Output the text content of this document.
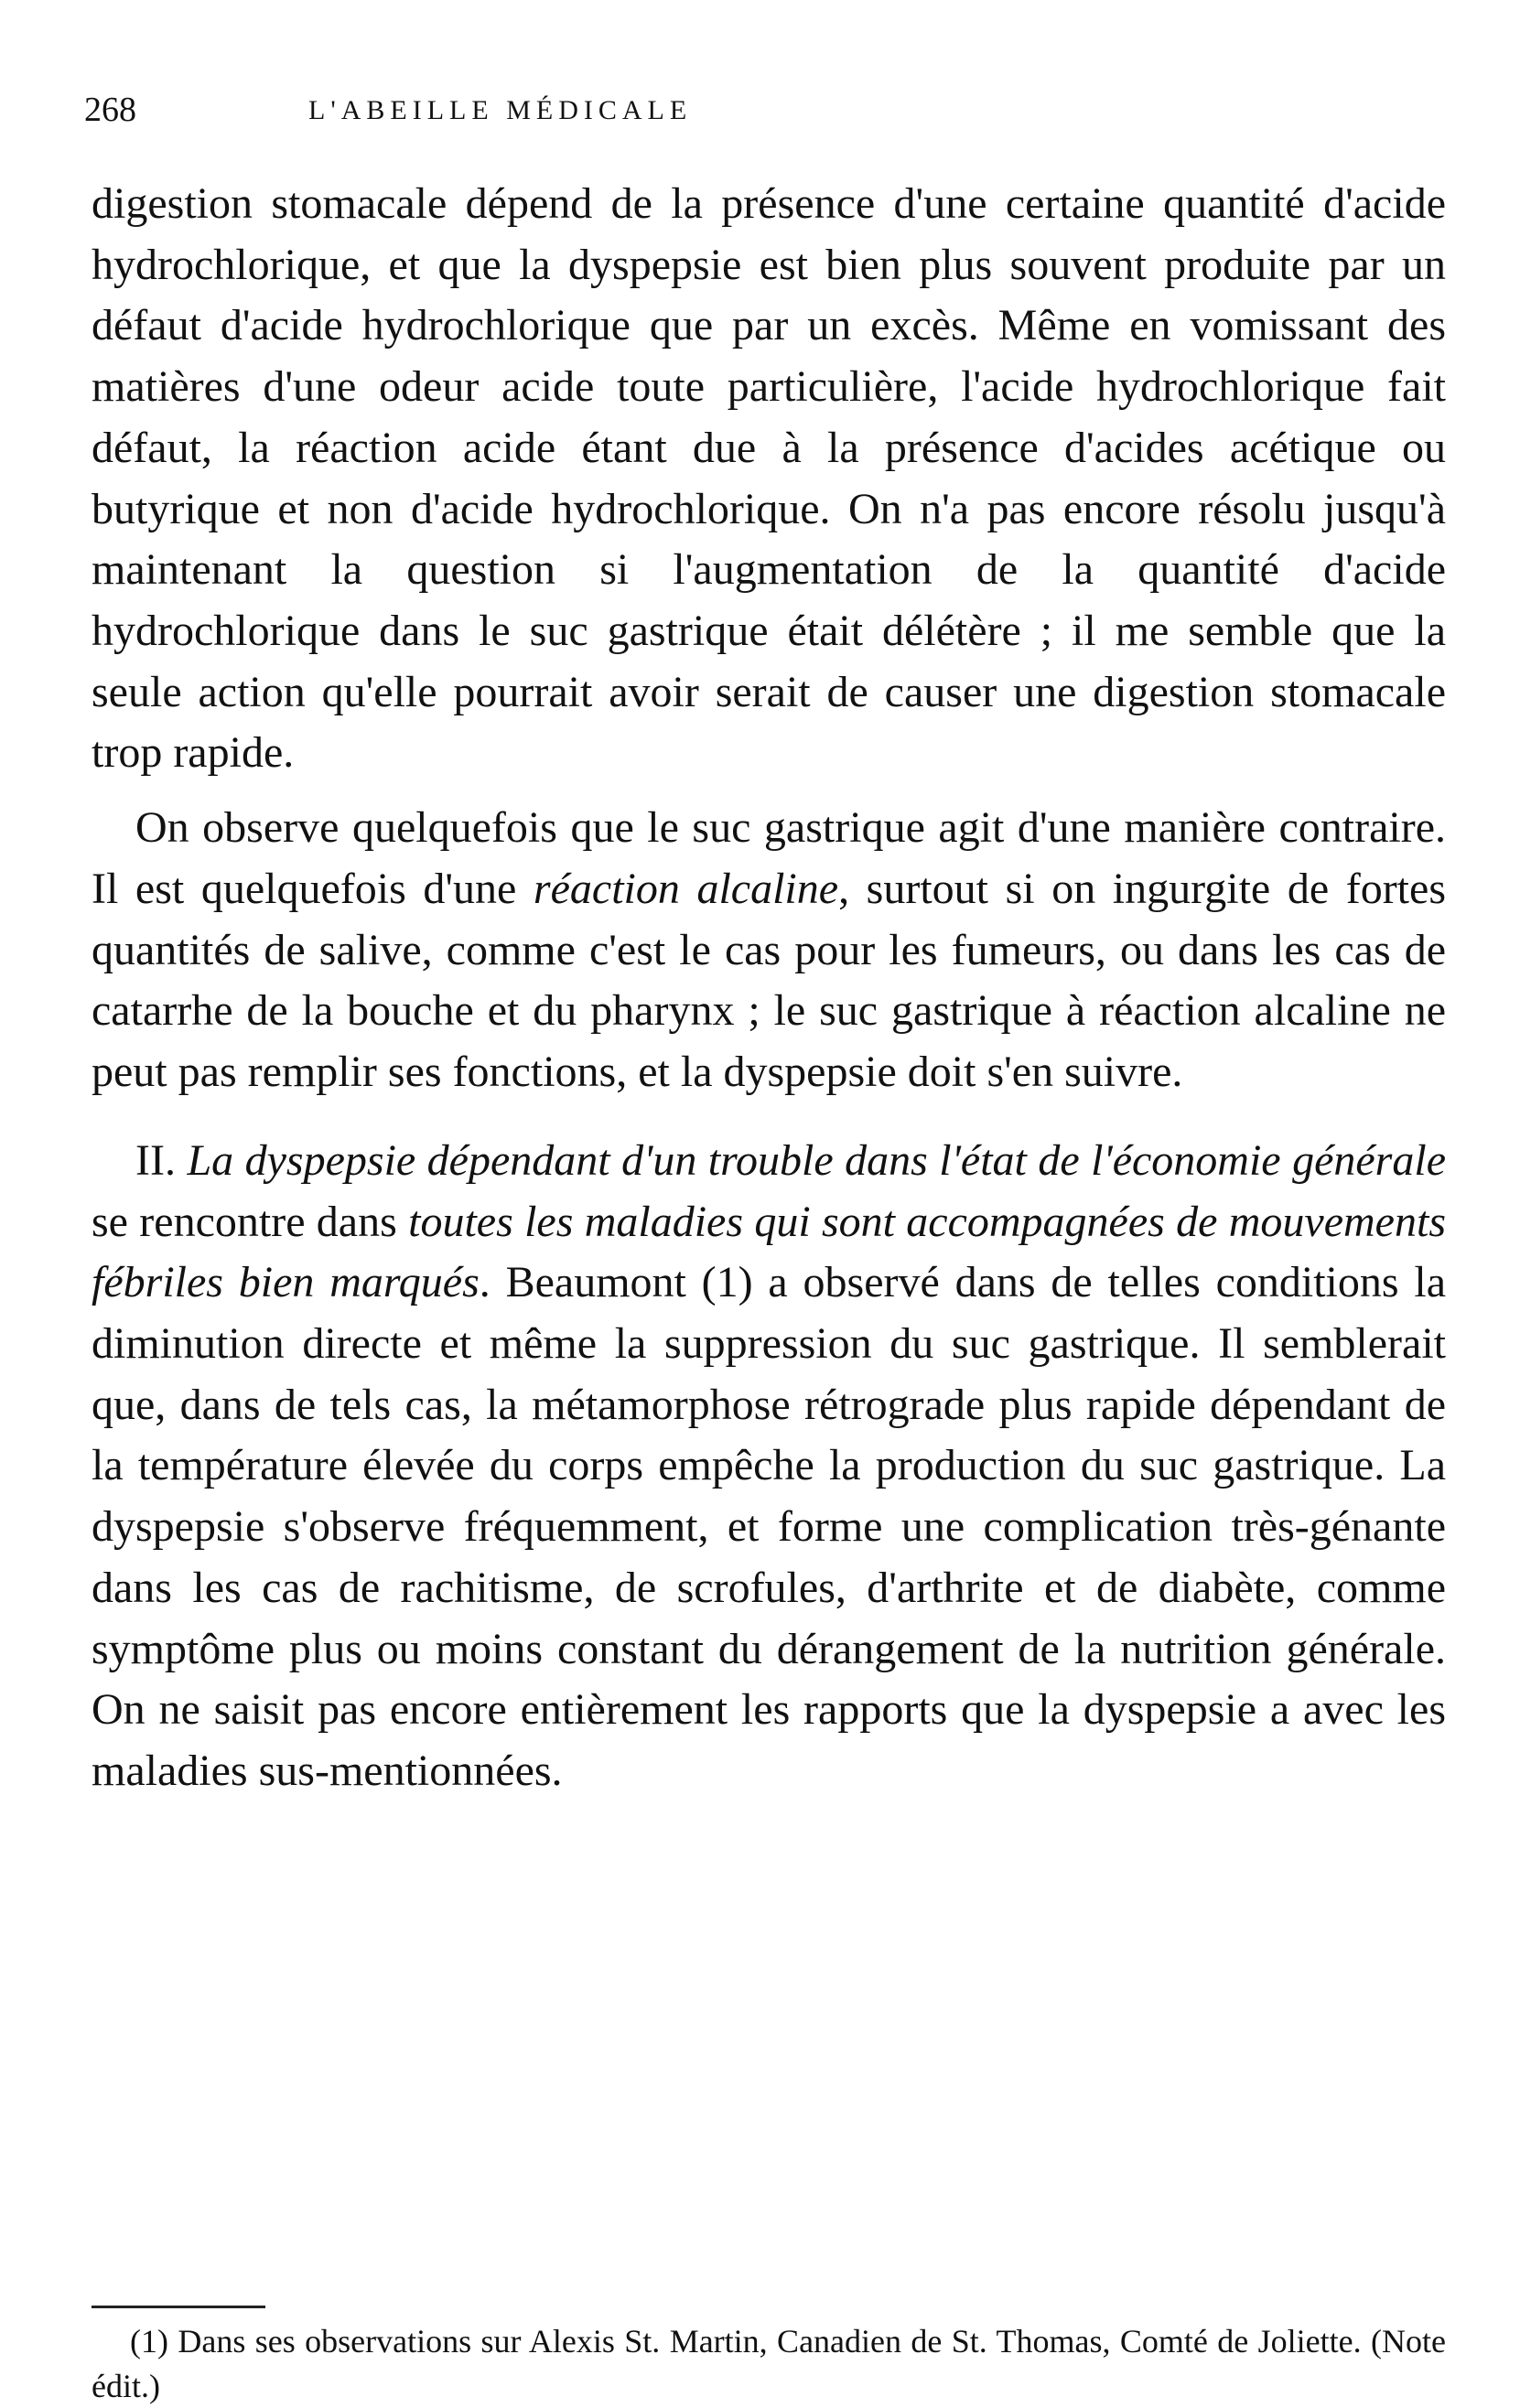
268	L'ABEILLE MÉDICALE

digestion stomacale dépend de la présence d'une certaine quantité d'acide hydrochlorique, et que la dyspepsie est bien plus souvent produite par un défaut d'acide hydrochlorique que par un excès. Même en vomissant des matières d'une odeur acide toute particulière, l'acide hydrochlorique fait défaut, la réaction acide étant due à la présence d'acides acétique ou butyrique et non d'acide hydrochlorique. On n'a pas encore résolu jusqu'à maintenant la question si l'augmentation de la quantité d'acide hydrochlorique dans le suc gastrique était délétère ; il me semble que la seule action qu'elle pourrait avoir serait de causer une digestion stomacale trop rapide.

On observe quelquefois que le suc gastrique agit d'une manière contraire. Il est quelquefois d'une réaction alcaline, surtout si on ingurgite de fortes quantités de salive, comme c'est le cas pour les fumeurs, ou dans les cas de catarrhe de la bouche et du pharynx ; le suc gastrique à réaction alcaline ne peut pas remplir ses fonctions, et la dyspepsie doit s'en suivre.

II. La dyspepsie dépendant d'un trouble dans l'état de l'économie générale se rencontre dans toutes les maladies qui sont accompagnées de mouvements fébriles bien marqués. Beaumont (1) a observé dans de telles conditions la diminution directe et même la suppression du suc gastrique. Il semblerait que, dans de tels cas, la métamorphose rétrograde plus rapide dépendant de la température élevée du corps empêche la production du suc gastrique. La dyspepsie s'observe fréquemment, et forme une complication très-génante dans les cas de rachitisme, de scrofules, d'arthrite et de diabète, comme symptôme plus ou moins constant du dérangement de la nutrition générale. On ne saisit pas encore entièrement les rapports que la dyspepsie a avec les maladies sus-mentionnées.

(1) Dans ses observations sur Alexis St. Martin, Canadien de St. Thomas, Comté de Joliette. (Note édit.)
